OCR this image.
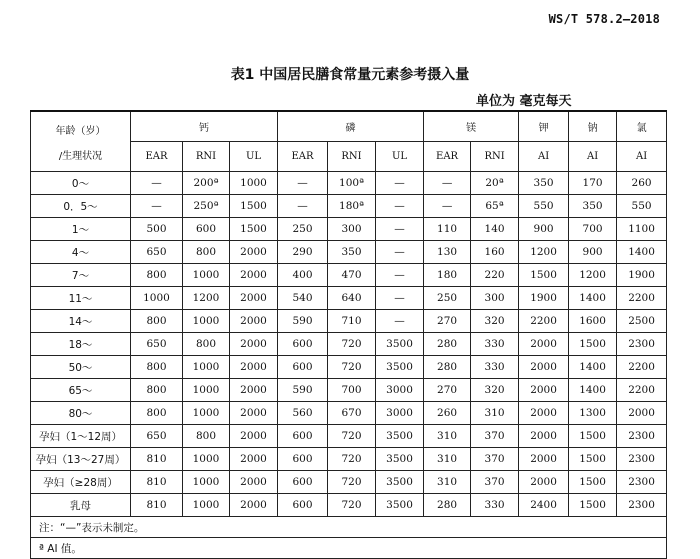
WS/T 578.2—2018
表1 中国居民膳食常量元素参考摄入量
单位为 毫克每天
年龄（岁）
/生理状况	钙			磷			镁		钾	钠	氯
	EAR	RNI	UL	EAR	RNI	UL	EAR	RNI	AI	AI	AI
0～	—	200ª	1000	—	100ª	—	—	20ª	350	170	260
0．5～	—	250ª	1500	—	180ª	—	—	65ª	550	350	550
1～	500	600	1500	250	300	—	110	140	900	700	1100
4～	650	800	2000	290	350	—	130	160	1200	900	1400
7～	800	1000	2000	400	470	—	180	220	1500	1200	1900
11～	1000	1200	2000	540	640	—	250	300	1900	1400	2200
14～	800	1000	2000	590	710	—	270	320	2200	1600	2500
18～	650	800	2000	600	720	3500	280	330	2000	1500	2300
50～	800	1000	2000	600	720	3500	280	330	2000	1400	2200
65～	800	1000	2000	590	700	3000	270	320	2000	1400	2200
80～	800	1000	2000	560	670	3000	260	310	2000	1300	2000
孕妇（1～12周）	650	800	2000	600	720	3500	310	370	2000	1500	2300
孕妇（13～27周）	810	1000	2000	600	720	3500	310	370	2000	1500	2300
孕妇（≥28周）	810	1000	2000	600	720	3500	310	370	2000	1500	2300
乳母	810	1000	2000	600	720	3500	280	330	2400	1500	2300
注：“—”表示未制定。											
ª AI 值。											
